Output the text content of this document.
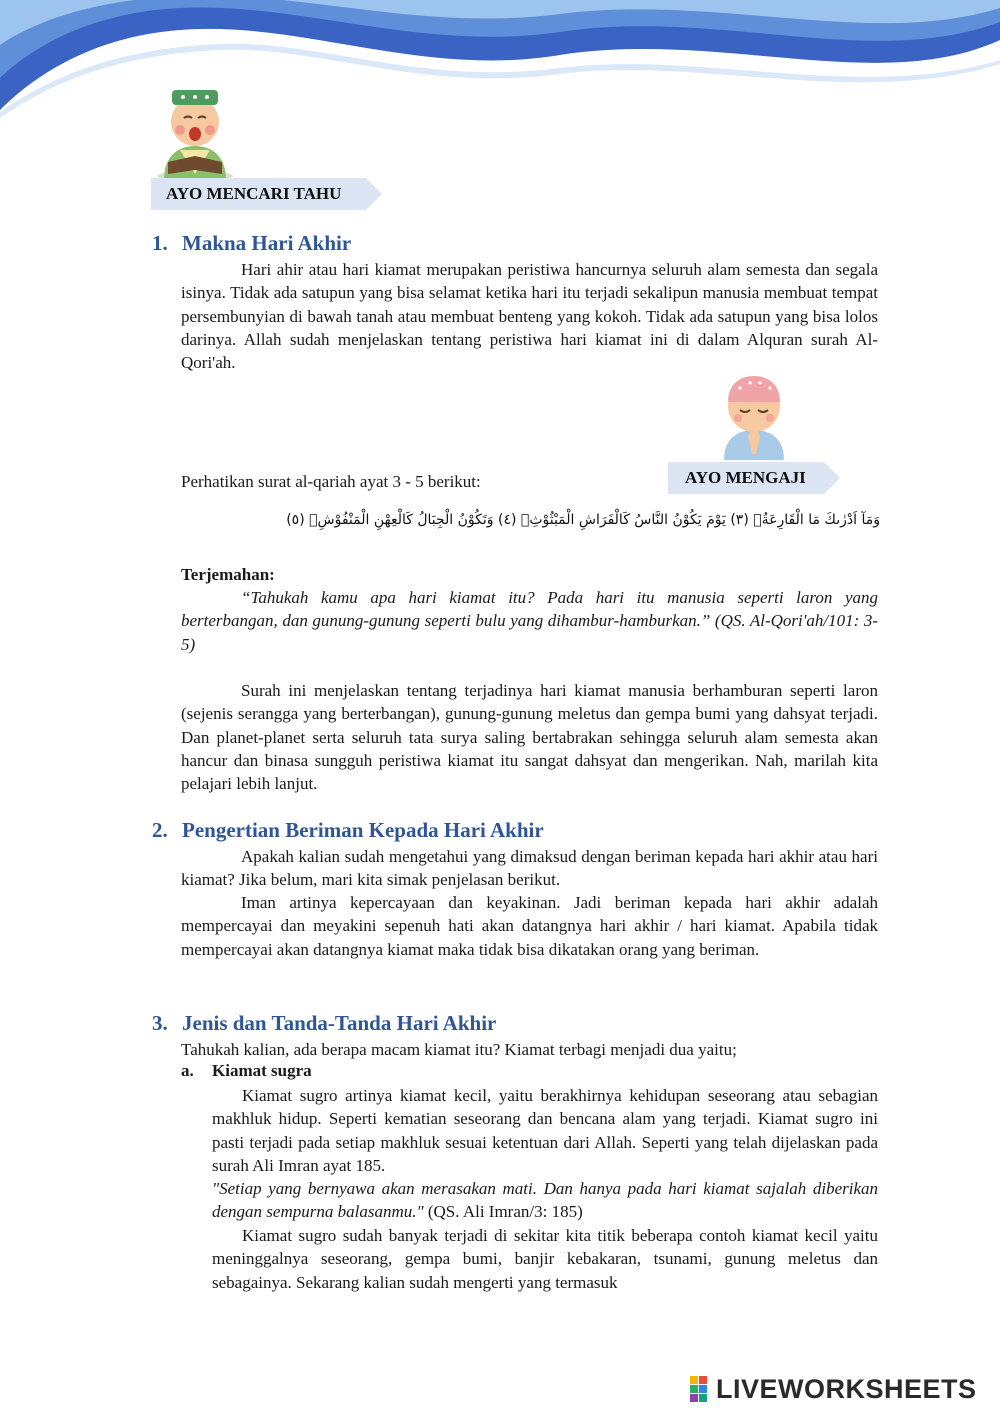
AYO MENCARI TAHU
1. Makna Hari Akhir

Hari ahir atau hari kiamat merupakan peristiwa hancurnya seluruh alam semesta dan segala isinya. Tidak ada satupun yang bisa selamat ketika hari itu terjadi sekalipun manusia membuat tempat persembunyian di bawah tanah atau membuat benteng yang kokoh. Tidak ada satupun yang bisa lolos darinya. Allah sudah menjelaskan tentang peristiwa hari kiamat ini di dalam Alquran surah Al-Qori'ah.

Perhatikan surat al-qariah ayat 3 - 5 berikut:	AYO MENGAJI
وَمَآ اَدْرٰىكَ مَا الْقَارِعَةُۗ (٣) يَوْمَ يَكُوْنُ النَّاسُ كَالْفَرَاشِ الْمَبْثُوْثِۙ (٤) وَتَكُوْنُ الْجِبَالُ كَالْعِهْنِ الْمَنْفُوْشِۗ (٥)

Terjemahan:

“Tahukah kamu apa hari kiamat itu? Pada hari itu manusia seperti laron yang berterbangan, dan gunung-gunung seperti bulu yang dihambur-hamburkan.” (QS. Al-Qori'ah/101: 3-5)

Surah ini menjelaskan tentang terjadinya hari kiamat manusia berhamburan seperti laron (sejenis serangga yang berterbangan), gunung-gunung meletus dan gempa bumi yang dahsyat terjadi. Dan planet-planet serta seluruh tata surya saling bertabrakan sehingga seluruh alam semesta akan hancur dan binasa sungguh peristiwa kiamat itu sangat dahsyat dan mengerikan. Nah, marilah kita pelajari lebih lanjut.

2. Pengertian Beriman Kepada Hari Akhir

Apakah kalian sudah mengetahui yang dimaksud dengan beriman kepada hari akhir atau hari kiamat? Jika belum, mari kita simak penjelasan berikut.

Iman artinya kepercayaan dan keyakinan. Jadi beriman kepada hari akhir adalah mempercayai dan meyakini sepenuh hati akan datangnya hari akhir / hari kiamat. Apabila tidak mempercayai akan datangnya kiamat maka tidak bisa dikatakan orang yang beriman.

3. Jenis dan Tanda-Tanda Hari Akhir

Tahukah kalian, ada berapa macam kiamat itu? Kiamat terbagi menjadi dua yaitu;

a. Kiamat sugra

Kiamat sugro artinya kiamat kecil, yaitu berakhirnya kehidupan seseorang atau sebagian makhluk hidup. Seperti kematian seseorang dan bencana alam yang terjadi. Kiamat sugro ini pasti terjadi pada setiap makhluk sesuai ketentuan dari Allah. Seperti yang telah dijelaskan pada surah Ali Imran ayat 185.

"Setiap yang bernyawa akan merasakan mati. Dan hanya pada hari kiamat sajalah diberikan dengan sempurna balasanmu." (QS. Ali Imran/3: 185)

Kiamat sugro sudah banyak terjadi di sekitar kita titik beberapa contoh kiamat kecil yaitu meninggalnya seseorang, gempa bumi, banjir kebakaran, tsunami, gunung meletus dan sebagainya. Sekarang kalian sudah mengerti yang termasuk

LIVEWORKSHEETS
